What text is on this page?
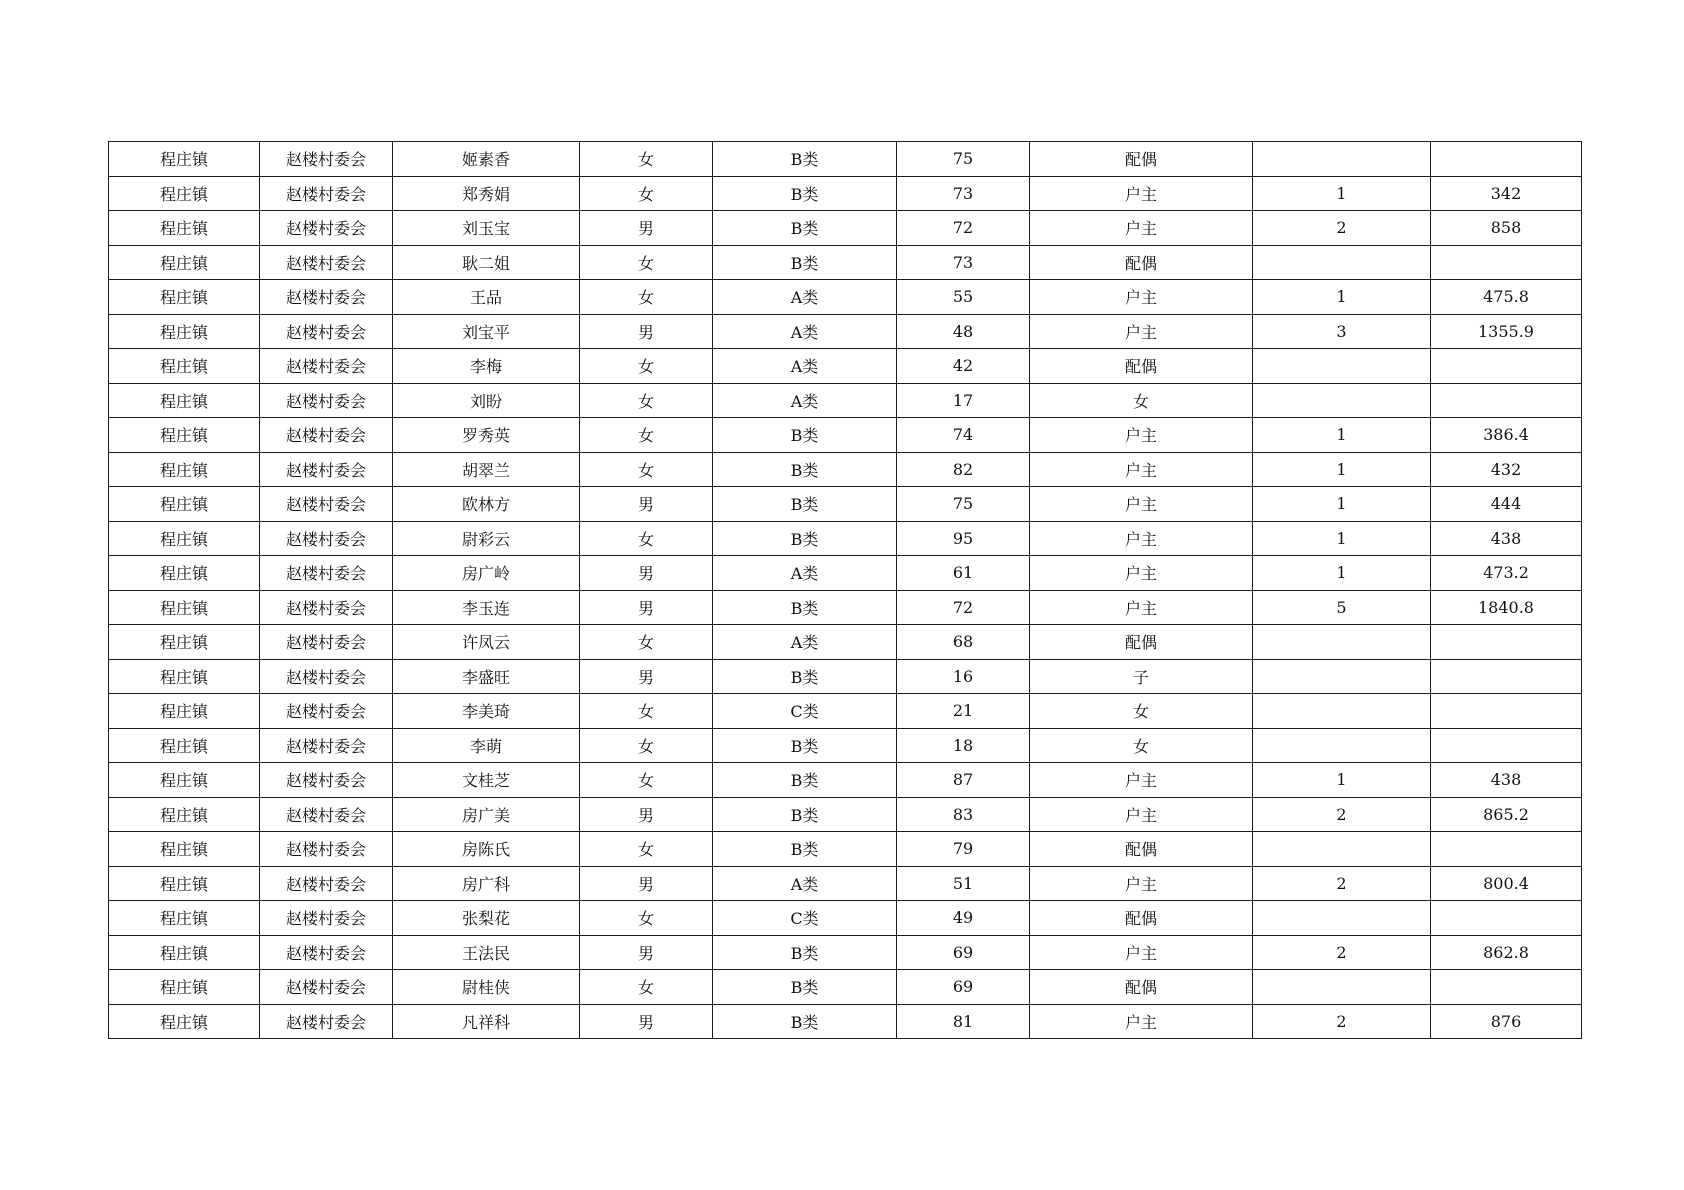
程庄镇	赵楼村委会	姬素香	女	B类	75	配偶		
程庄镇	赵楼村委会	郑秀娟	女	B类	73	户主	1	342
程庄镇	赵楼村委会	刘玉宝	男	B类	72	户主	2	858
程庄镇	赵楼村委会	耿二姐	女	B类	73	配偶		
程庄镇	赵楼村委会	王品	女	A类	55	户主	1	475.8
程庄镇	赵楼村委会	刘宝平	男	A类	48	户主	3	1355.9
程庄镇	赵楼村委会	李梅	女	A类	42	配偶		
程庄镇	赵楼村委会	刘盼	女	A类	17	女		
程庄镇	赵楼村委会	罗秀英	女	B类	74	户主	1	386.4
程庄镇	赵楼村委会	胡翠兰	女	B类	82	户主	1	432
程庄镇	赵楼村委会	欧林方	男	B类	75	户主	1	444
程庄镇	赵楼村委会	尉彩云	女	B类	95	户主	1	438
程庄镇	赵楼村委会	房广岭	男	A类	61	户主	1	473.2
程庄镇	赵楼村委会	李玉连	男	B类	72	户主	5	1840.8
程庄镇	赵楼村委会	许凤云	女	A类	68	配偶		
程庄镇	赵楼村委会	李盛旺	男	B类	16	子		
程庄镇	赵楼村委会	李美琦	女	C类	21	女		
程庄镇	赵楼村委会	李萌	女	B类	18	女		
程庄镇	赵楼村委会	文桂芝	女	B类	87	户主	1	438
程庄镇	赵楼村委会	房广美	男	B类	83	户主	2	865.2
程庄镇	赵楼村委会	房陈氏	女	B类	79	配偶		
程庄镇	赵楼村委会	房广科	男	A类	51	户主	2	800.4
程庄镇	赵楼村委会	张梨花	女	C类	49	配偶		
程庄镇	赵楼村委会	王法民	男	B类	69	户主	2	862.8
程庄镇	赵楼村委会	尉桂侠	女	B类	69	配偶		
程庄镇	赵楼村委会	凡祥科	男	B类	81	户主	2	876
